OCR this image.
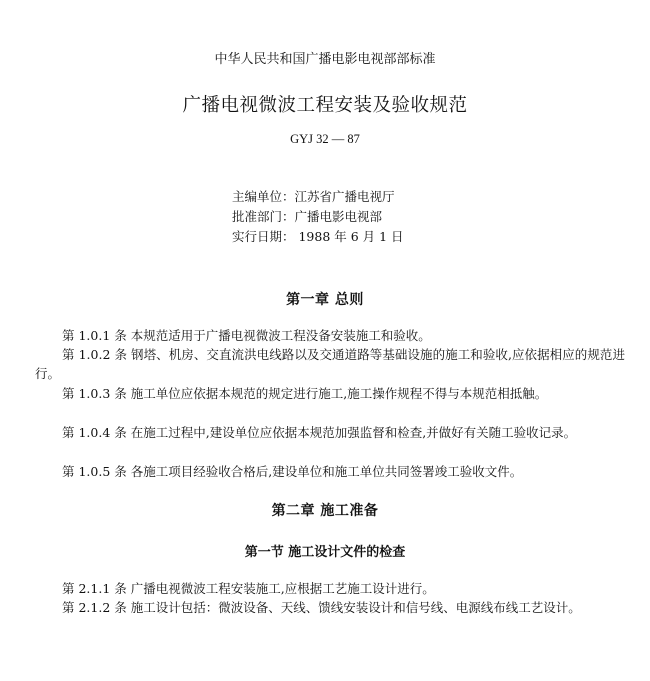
中华人民共和国广播电影电视部部标准
广播电视微波工程安装及验收规范
GYJ 32 — 87
主编单位：江苏省广播电视厅
批准部门：广播电影电视部
实行日期： 1988 年 6 月 1 日
第一章 总则
第 1.0.1 条 本规范适用于广播电视微波工程没备安装施工和验收。
第 1.0.2 条 钢塔、机房、交直流洪电线路以及交通道路等基础设施的施工和验收,应依据相应的规范进行。
第 1.0.3 条 施工单位应依据本规范的规定进行施工,施工操作规程不得与本规范相抵触。
第 1.0.4 条 在施工过程中,建设单位应依据本规范加强监督和检查,并做好有关随工验收记录。
第 1.0.5 条 各施工项目经验收合格后,建设单位和施工单位共同签署竣工验收文件。
第二章 施工准备
第一节 施工设计文件的检查
第 2.1.1 条 广播电视微波工程安装施工,应根据工艺施工设计进行。
第 2.1.2 条 施工设计包括：微波设备、天线、馈线安装设计和信号线、电源线布线工艺设计。
